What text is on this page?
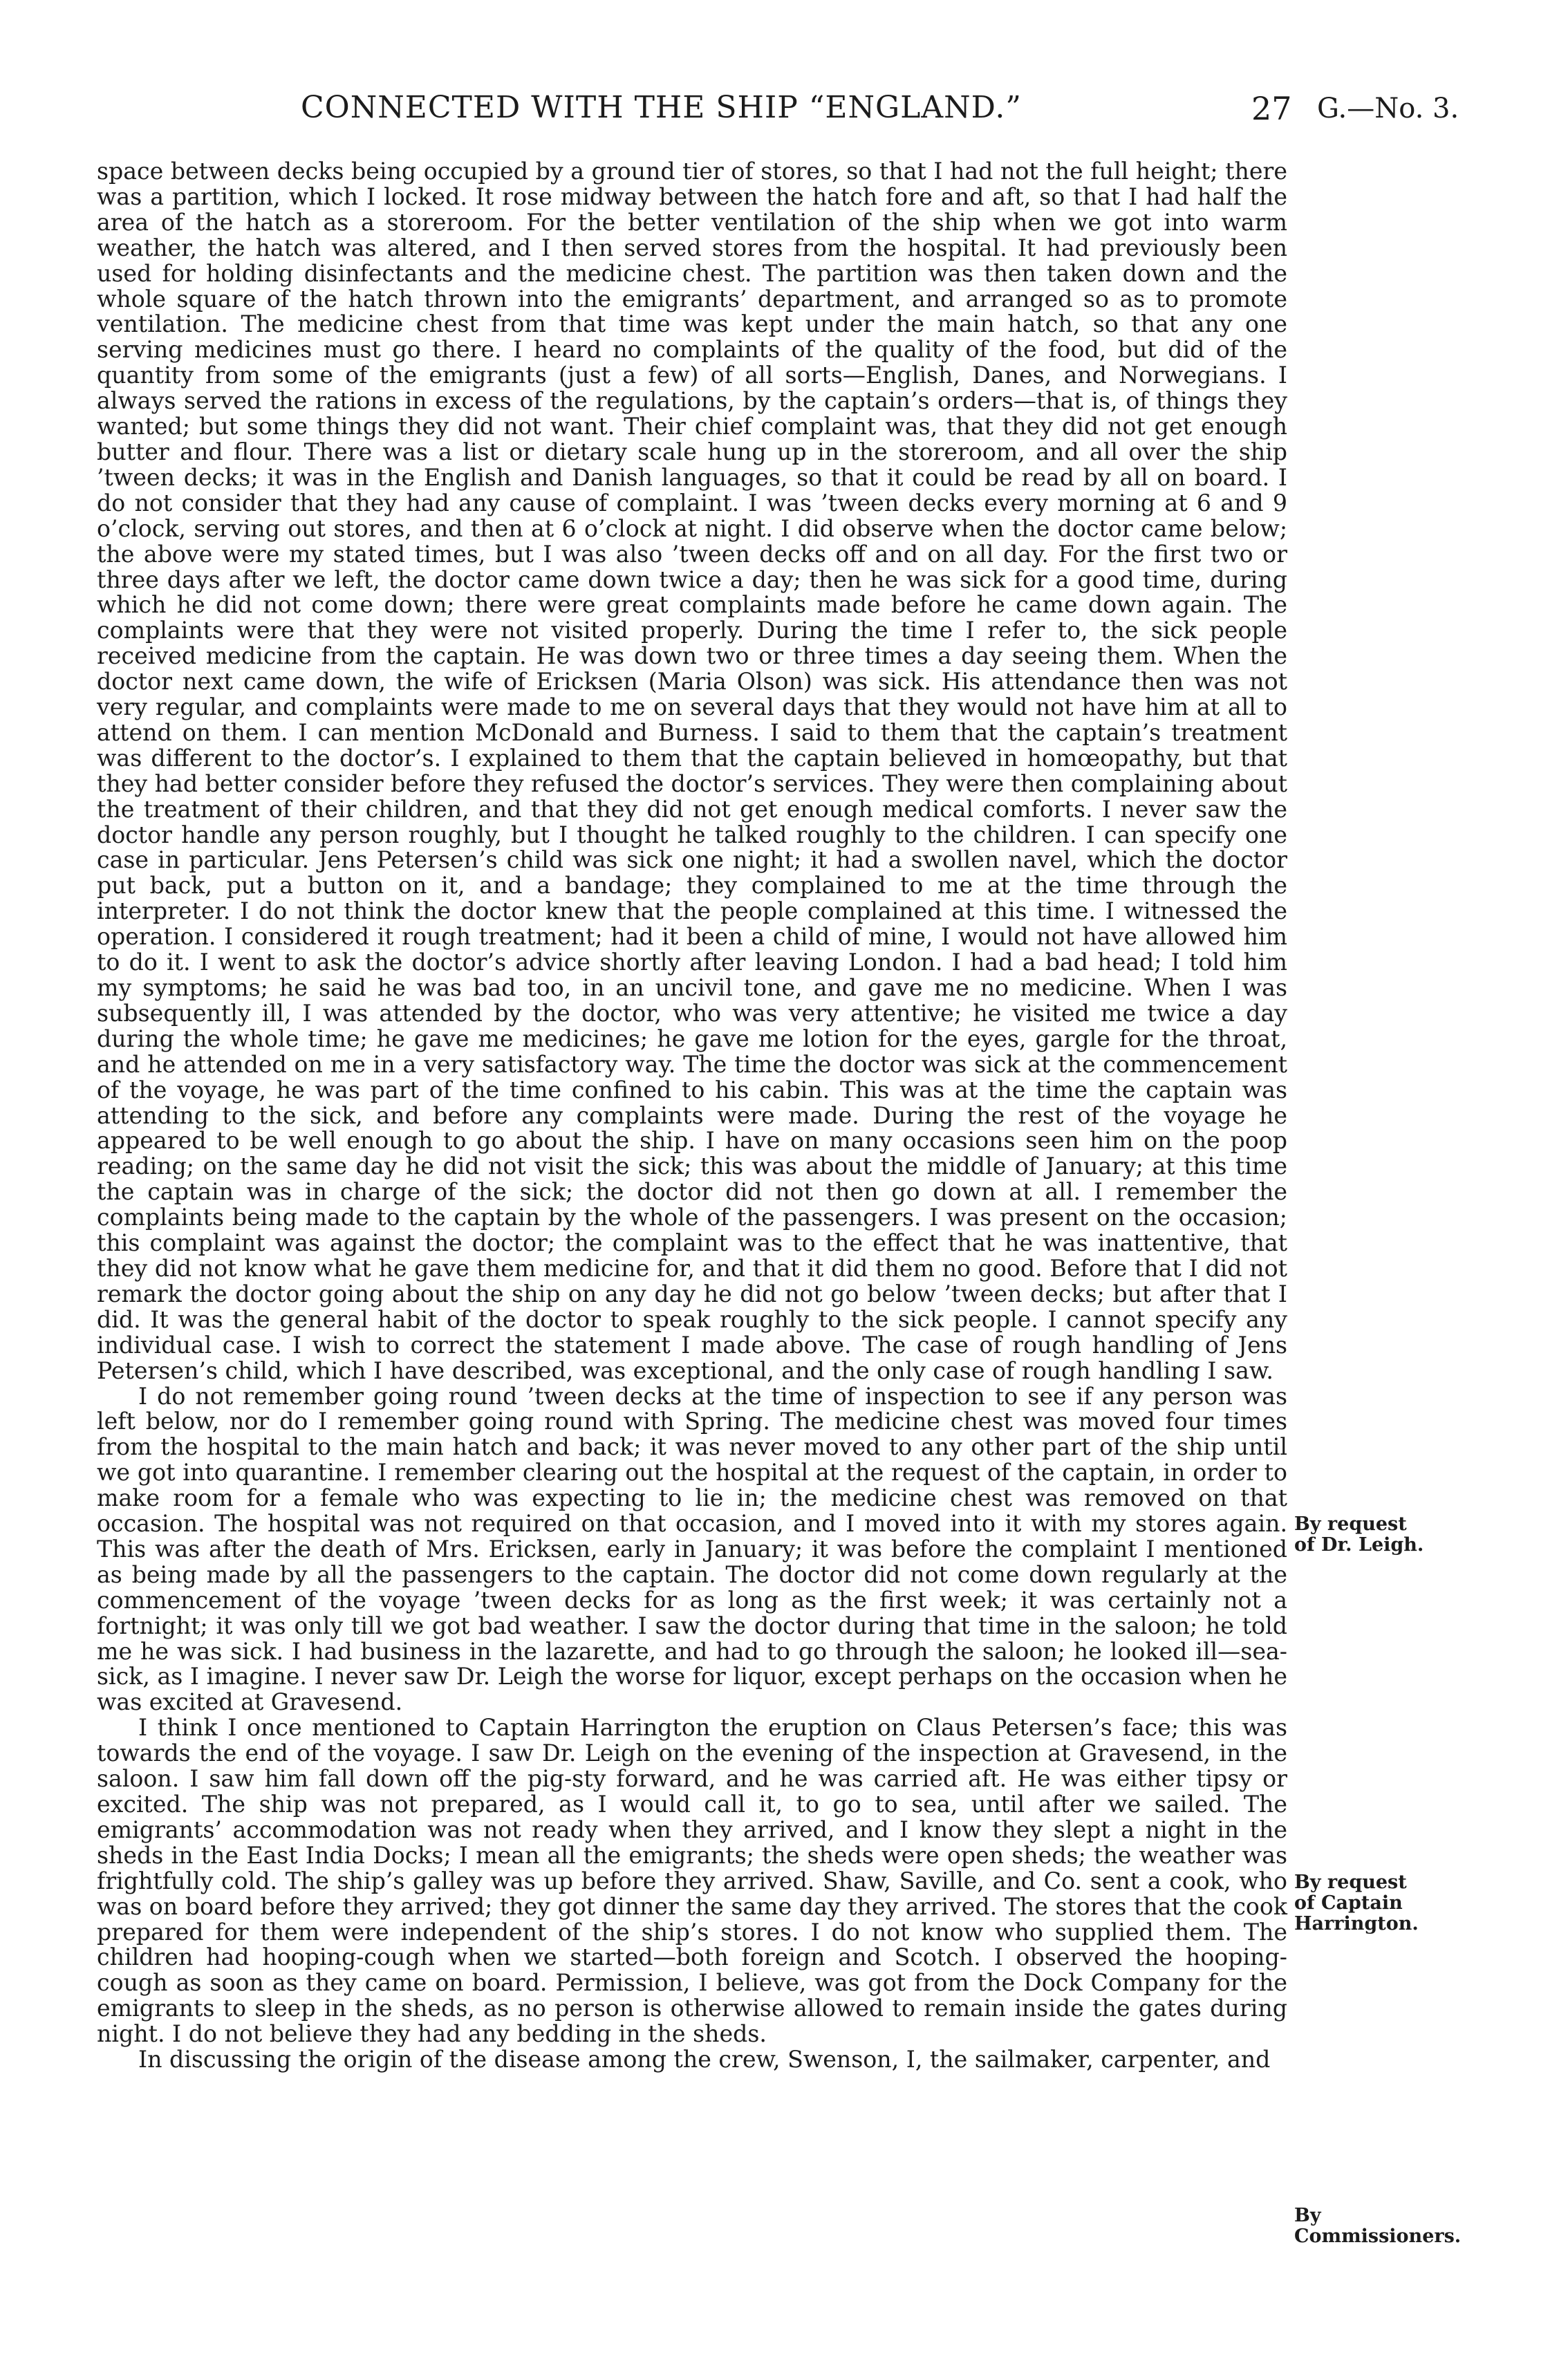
CONNECTED WITH THE SHIP “ENGLAND.”	27 G.—No. 3.

space between decks being occupied by a ground tier of stores, so that I had not the full height; there was a partition, which I locked. It rose midway between the hatch fore and aft, so that I had half the area of the hatch as a storeroom. For the better ventilation of the ship when we got into warm weather, the hatch was altered, and I then served stores from the hospital. It had previously been used for holding disinfectants and the medicine chest. The partition was then taken down and the whole square of the hatch thrown into the emigrants’ department, and arranged so as to promote ventilation. The medicine chest from that time was kept under the main hatch, so that any one serving medicines must go there. I heard no complaints of the quality of the food, but did of the quantity from some of the emigrants (just a few) of all sorts—English, Danes, and Norwegians. I always served the rations in excess of the regulations, by the captain’s orders—that is, of things they wanted; but some things they did not want. Their chief complaint was, that they did not get enough butter and flour. There was a list or dietary scale hung up in the storeroom, and all over the ship ’tween decks; it was in the English and Danish languages, so that it could be read by all on board. I do not consider that they had any cause of complaint. I was ’tween decks every morning at 6 and 9 o’clock, serving out stores, and then at 6 o’clock at night. I did observe when the doctor came below; the above were my stated times, but I was also ’tween decks off and on all day. For the first two or three days after we left, the doctor came down twice a day; then he was sick for a good time, during which he did not come down; there were great complaints made before he came down again. The complaints were that they were not visited properly. During the time I refer to, the sick people received medicine from the captain. He was down two or three times a day seeing them. When the doctor next came down, the wife of Ericksen (Maria Olson) was sick. His attendance then was not very regular, and complaints were made to me on several days that they would not have him at all to attend on them. I can mention McDonald and Burness. I said to them that the captain’s treatment was different to the doctor’s. I explained to them that the captain believed in homœopathy, but that they had better consider before they refused the doctor’s services. They were then complaining about the treatment of their children, and that they did not get enough medical comforts. I never saw the doctor handle any person roughly, but I thought he talked roughly to the children. I can specify one case in particular. Jens Petersen’s child was sick one night; it had a swollen navel, which the doctor put back, put a button on it, and a bandage; they complained to me at the time through the interpreter. I do not think the doctor knew that the people complained at this time. I witnessed the operation. I considered it rough treatment; had it been a child of mine, I would not have allowed him to do it. I went to ask the doctor’s advice shortly after leaving London. I had a bad head; I told him my symptoms; he said he was bad too, in an uncivil tone, and gave me no medicine. When I was subsequently ill, I was attended by the doctor, who was very attentive; he visited me twice a day during the whole time; he gave me medicines; he gave me lotion for the eyes, gargle for the throat, and he attended on me in a very satisfactory way. The time the doctor was sick at the commencement of the voyage, he was part of the time confined to his cabin. This was at the time the captain was attending to the sick, and before any complaints were made. During the rest of the voyage he appeared to be well enough to go about the ship. I have on many occasions seen him on the poop reading; on the same day he did not visit the sick; this was about the middle of January; at this time the captain was in charge of the sick; the doctor did not then go down at all. I remember the complaints being made to the captain by the whole of the passengers. I was present on the occasion; this complaint was against the doctor; the complaint was to the effect that he was inattentive, that they did not know what he gave them medicine for, and that it did them no good. Before that I did not remark the doctor going about the ship on any day he did not go below ’tween decks; but after that I did. It was the general habit of the doctor to speak roughly to the sick people. I cannot specify any individual case. I wish to correct the statement I made above. The case of rough handling of Jens Petersen’s child, which I have described, was exceptional, and the only case of rough handling I saw.

I do not remember going round ’tween decks at the time of inspection to see if any person was left below, nor do I remember going round with Spring. The medicine chest was moved four times from the hospital to the main hatch and back; it was never moved to any other part of the ship until we got into quarantine. I remember clearing out the hospital at the request of the captain, in order to make room for a female who was expecting to lie in; the medicine chest was removed on that occasion. The hospital was not required on that occasion, and I moved into it with my stores again. This was after the death of Mrs. Ericksen, early in January; it was before the complaint I mentioned as being made by all the passengers to the captain. The doctor did not come down regularly at the commencement of the voyage ’tween decks for as long as the first week; it was certainly not a fortnight; it was only till we got bad weather. I saw the doctor during that time in the saloon; he told me he was sick. I had business in the lazarette, and had to go through the saloon; he looked ill—sea-sick, as I imagine. I never saw Dr. Leigh the worse for liquor, except perhaps on the occasion when he was excited at Gravesend.

I think I once mentioned to Captain Harrington the eruption on Claus Petersen’s face; this was towards the end of the voyage. I saw Dr. Leigh on the evening of the inspection at Gravesend, in the saloon. I saw him fall down off the pig-sty forward, and he was carried aft. He was either tipsy or excited. The ship was not prepared, as I would call it, to go to sea, until after we sailed. The emigrants’ accommodation was not ready when they arrived, and I know they slept a night in the sheds in the East India Docks; I mean all the emigrants; the sheds were open sheds; the weather was frightfully cold. The ship’s galley was up before they arrived. Shaw, Saville, and Co. sent a cook, who was on board before they arrived; they got dinner the same day they arrived. The stores that the cook prepared for them were independent of the ship’s stores. I do not know who supplied them. The children had hooping-cough when we started—both foreign and Scotch. I observed the hooping-cough as soon as they came on board. Permission, I believe, was got from the Dock Company for the emigrants to sleep in the sheds, as no person is otherwise allowed to remain inside the gates during night. I do not believe they had any bedding in the sheds.

In discussing the origin of the disease among the crew, Swenson, I, the sailmaker, carpenter, and

By request of Dr. Leigh.
By request of Captain Harrington.
By Commissioners.
